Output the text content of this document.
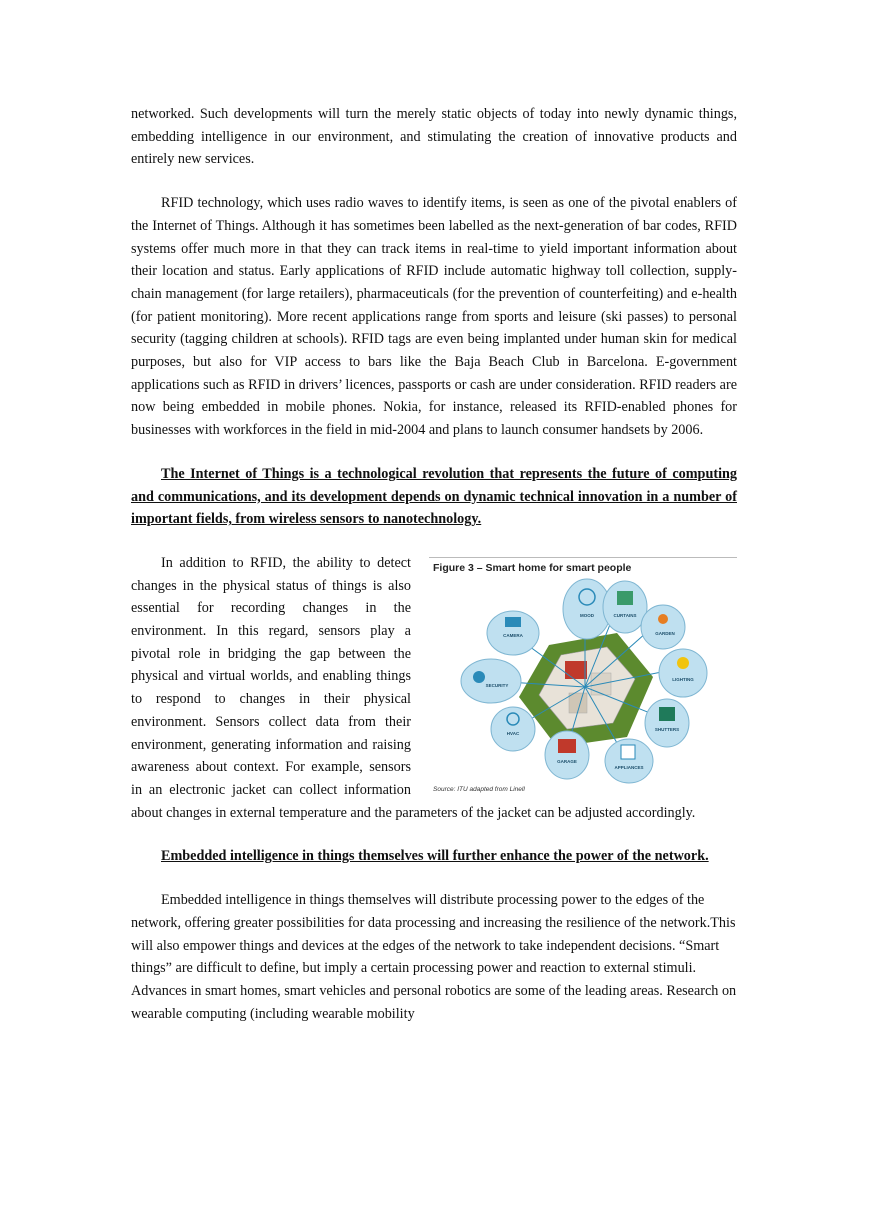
networked. Such developments will turn the merely static objects of today into newly dynamic things, embedding intelligence in our environment, and stimulating the creation of innovative products and entirely new services.

RFID technology, which uses radio waves to identify items, is seen as one of the pivotal enablers of the Internet of Things. Although it has sometimes been labelled as the next-generation of bar codes, RFID systems offer much more in that they can track items in real-time to yield important information about their location and status. Early applications of RFID include automatic highway toll collection, supply-chain management (for large retailers), pharmaceuticals (for the prevention of counterfeiting) and e-health (for patient monitoring). More recent applications range from sports and leisure (ski passes) to personal security (tagging children at schools). RFID tags are even being implanted under human skin for medical purposes, but also for VIP access to bars like the Baja Beach Club in Barcelona. E-government applications such as RFID in drivers’ licences, passports or cash are under consideration. RFID readers are now being embedded in mobile phones. Nokia, for instance, released its RFID-enabled phones for businesses with workforces in the field in mid-2004 and plans to launch consumer handsets by 2006.

The Internet of Things is a technological revolution that represents the future of computing and communications, and its development depends on dynamic technical innovation in a number of important fields, from wireless sensors to nanotechnology.

Figure 3 – Smart home for smart people
MOOD	CURTAINS
GARDEN
LIGHTING
SHUTTERS
APPLIANCES
GARAGE
HVAC
SECURITY
CAMERA
Source: ITU adapted from Linell

In addition to RFID, the ability to detect changes in the physical status of things is also essential for recording changes in the environment. In this regard, sensors play a pivotal role in bridging the gap between the physical and virtual worlds, and enabling things to respond to changes in their physical environment. Sensors collect data from their environment, generating information and raising awareness about context. For example, sensors in an electronic jacket can collect information about changes in external temperature and the parameters of the jacket can be adjusted accordingly.

Embedded intelligence in things themselves will further enhance the power of the network.

Embedded intelligence in things themselves will distribute processing power to the edges of the network, offering greater possibilities for data processing and increasing the resilience of the network.This will also empower things and devices at the edges of the network to take independent decisions. “Smart things” are difficult to define, but imply a certain processing power and reaction to external stimuli. Advances in smart homes, smart vehicles and personal robotics are some of the leading areas. Research on wearable computing (including wearable mobility
